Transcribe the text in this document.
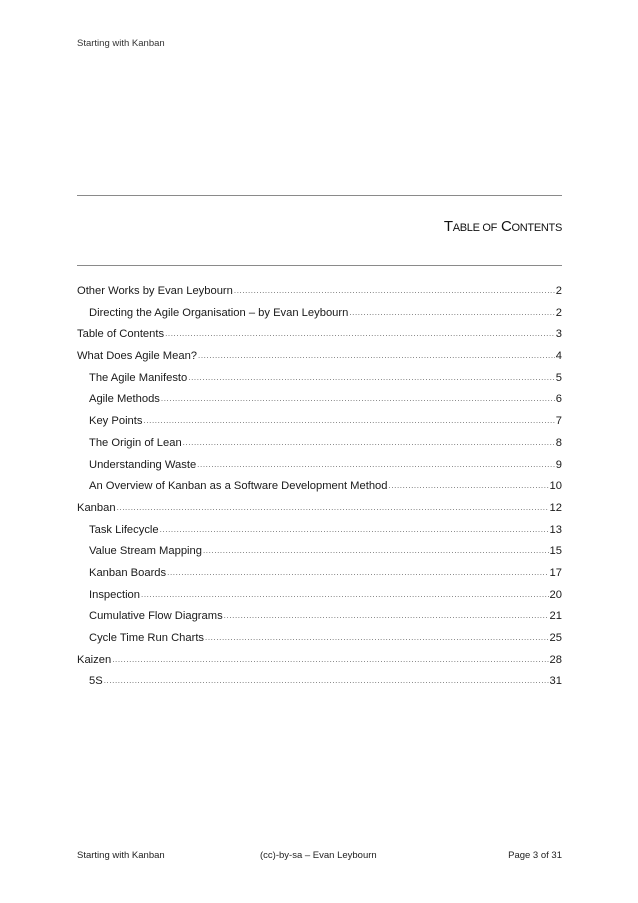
Starting with Kanban
TABLE OF CONTENTS
Other Works by Evan Leybourn .....	2
Directing the Agile Organisation – by Evan Leybourn .....	2
Table of Contents .....	3
What Does Agile Mean? .....	4
The Agile Manifesto .....	5
Agile Methods .....	6
Key Points .....	7
The Origin of Lean .....	8
Understanding Waste .....	9
An Overview of Kanban as a Software Development Method .....	10
Kanban .....	12
Task Lifecycle .....	13
Value Stream Mapping .....	15
Kanban Boards .....	17
Inspection .....	20
Cumulative Flow Diagrams .....	21
Cycle Time Run Charts .....	25
Kaizen .....	28
5S .....	31
Starting with Kanban	(cc)-by-sa – Evan Leybourn	Page 3 of 31
